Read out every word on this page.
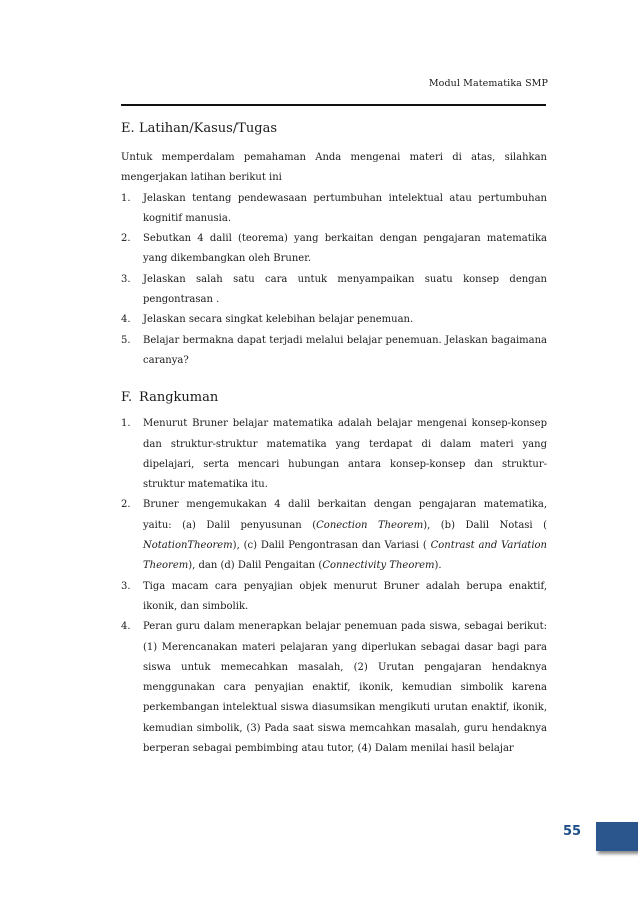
Modul Matematika SMP
E. Latihan/Kasus/Tugas

Untuk memperdalam pemahaman Anda mengenai materi di atas, silahkan mengerjakan latihan berikut ini

1. Jelaskan tentang pendewasaan pertumbuhan intelektual atau pertumbuhan kognitif manusia.
2. Sebutkan 4 dalil (teorema) yang berkaitan dengan pengajaran matematika yang dikembangkan oleh Bruner.
3. Jelaskan salah satu cara untuk menyampaikan suatu konsep dengan pengontrasan .
4. Jelaskan secara singkat kelebihan belajar penemuan.
5. Belajar bermakna dapat terjadi melalui belajar penemuan. Jelaskan bagaimana caranya?
F. Rangkuman
1. Menurut Bruner belajar matematika adalah belajar mengenai konsep-konsep dan struktur-struktur matematika yang terdapat di dalam materi yang dipelajari, serta mencari hubungan antara konsep-konsep dan struktur-struktur matematika itu.
2. Bruner mengemukakan 4 dalil berkaitan dengan pengajaran matematika, yaitu: (a) Dalil penyusunan (Conection Theorem), (b) Dalil Notasi ( NotationTheorem), (c) Dalil Pengontrasan dan Variasi ( Contrast and Variation Theorem), dan (d) Dalil Pengaitan (Connectivity Theorem).
3. Tiga macam cara penyajian objek menurut Bruner adalah berupa enaktif, ikonik, dan simbolik.
4. Peran guru dalam menerapkan belajar penemuan pada siswa, sebagai berikut: (1) Merencanakan materi pelajaran yang diperlukan sebagai dasar bagi para siswa untuk memecahkan masalah, (2) Urutan pengajaran hendaknya menggunakan cara penyajian enaktif, ikonik, kemudian simbolik karena perkembangan intelektual siswa diasumsikan mengikuti urutan enaktif, ikonik, kemudian simbolik, (3) Pada saat siswa memcahkan masalah, guru hendaknya berperan sebagai pembimbing atau tutor, (4) Dalam menilai hasil belajar
55
